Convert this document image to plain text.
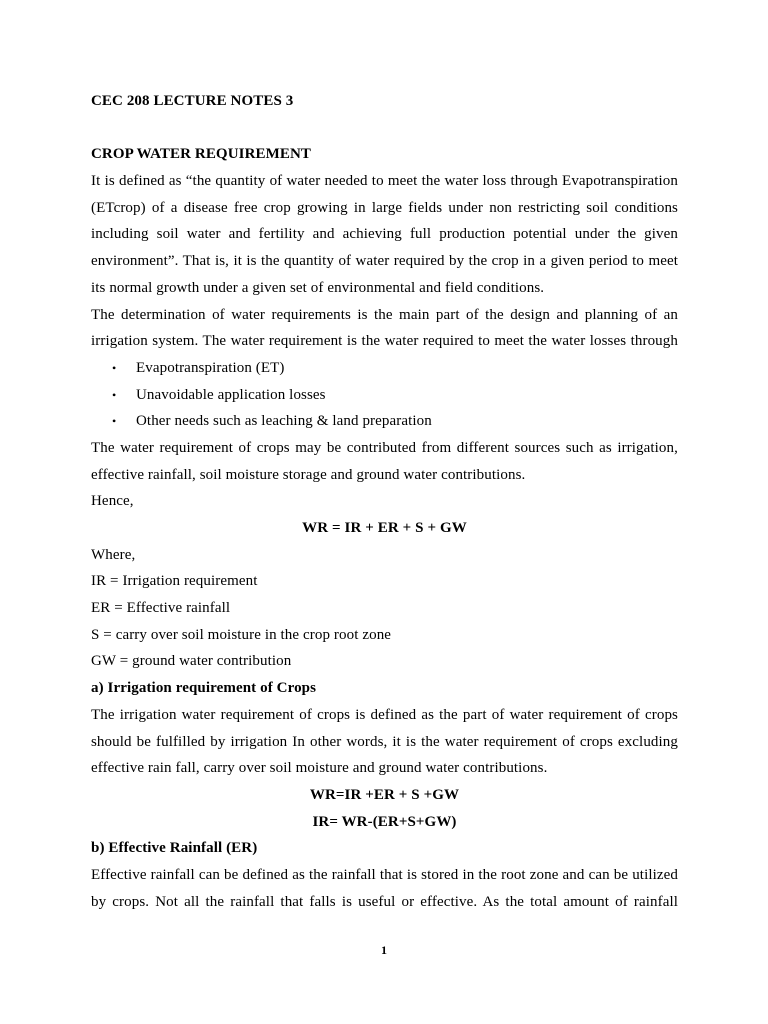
CEC 208 LECTURE NOTES 3
CROP WATER REQUIREMENT
It is defined as “the quantity of water needed to meet the water loss through Evapotranspiration
(ETcrop) of a disease free crop growing in large fields under non restricting soil conditions
including soil water and fertility and achieving full production potential under the given
environment”. That is, it is the quantity of water required by the crop in a given period to meet
its normal growth under a given set of environmental and field conditions.
The determination of water requirements is the main part of the design and planning of an
irrigation system. The water requirement is the water required to meet the water losses through
• Evapotranspiration (ET)
• Unavoidable application losses
• Other needs such as leaching & land preparation
The water requirement of crops may be contributed from different sources such as irrigation,
effective rainfall, soil moisture storage and ground water contributions.
Hence,
WR = IR + ER + S + GW
Where,
IR = Irrigation requirement
ER = Effective rainfall
S = carry over soil moisture in the crop root zone
GW = ground water contribution
a) Irrigation requirement of Crops
The irrigation water requirement of crops is defined as the part of water requirement of crops
should be fulfilled by irrigation In other words, it is the water requirement of crops excluding
effective rain fall, carry over soil moisture and ground water contributions.
WR=IR +ER + S +GW
IR= WR-(ER+S+GW)
b) Effective Rainfall (ER)
Effective rainfall can be defined as the rainfall that is stored in the root zone and can be utilized
by crops. Not all the rainfall that falls is useful or effective. As the total amount of rainfall
1
